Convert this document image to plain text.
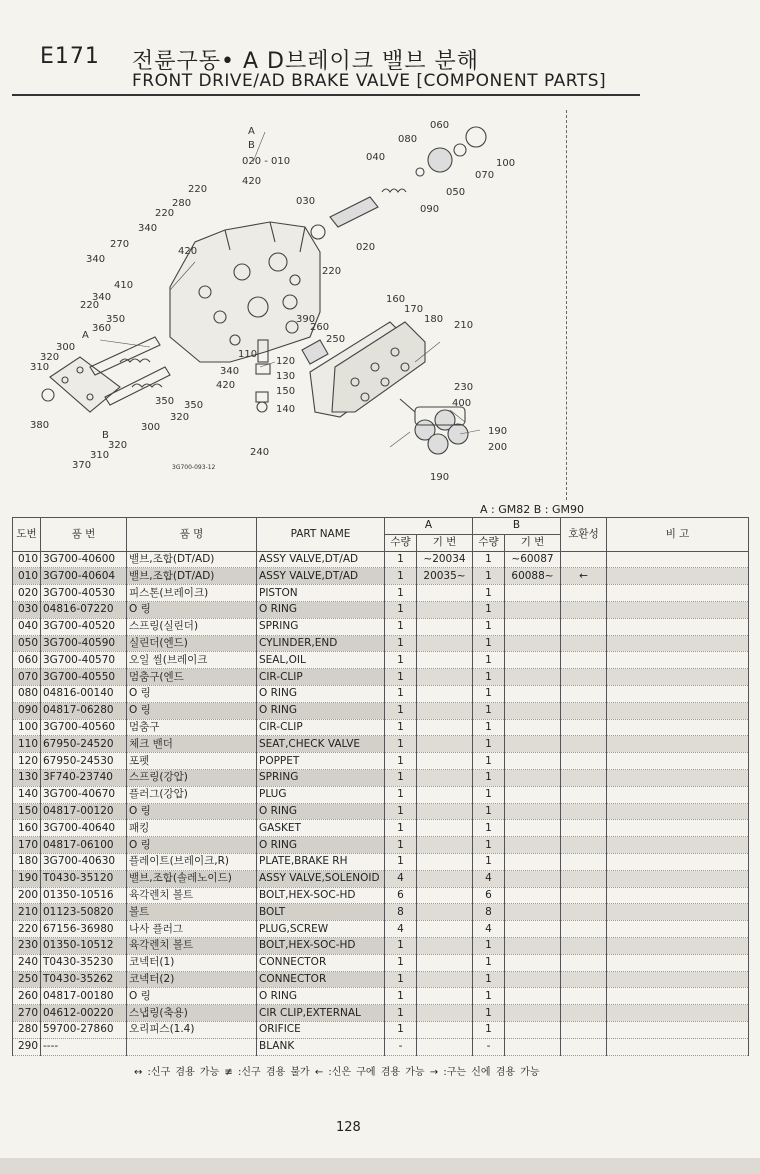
E171 전륜구동• A D브레이크 밸브 분해
FRONT DRIVE/AD BRAKE VALVE [COMPONENT PARTS]
A
B
020 - 010
420
060
080
040
100
070
050
090
030
020
220
280
220
340
420
270
340
220
410
340
220
350
360
A
300
320
310
380
370
310
320
B
300
350 350
320
340
420
110
120
130
150
140
390
260
250
160
170
180
210
230
400
190
200
240
190
3G700-093-12
A : GM82 B : GM90
도번	품 번	품 명	PART NAME	A		B		호환성	비 고
				수량	기 번	수량	기 번		
010	3G700-40600	밸브,조합(DT/AD)	ASSY VALVE,DT/AD	1	~20034	1	~60087		
010	3G700-40604	밸브,조합(DT/AD)	ASSY VALVE,DT/AD	1	20035~	1	60088~	←	
020	3G700-40530	피스톤(브레이크)	PISTON	1		1			
030	04816-07220	O 링	O RING	1		1			
040	3G700-40520	스프링(실린더)	SPRING	1		1			
050	3G700-40590	실린더(엔드)	CYLINDER,END	1		1			
060	3G700-40570	오일 씰(브레이크	SEAL,OIL	1		1			
070	3G700-40550	멈춤구(엔드	CIR-CLIP	1		1			
080	04816-00140	O 링	O RING	1		1			
090	04817-06280	O 링	O RING	1		1			
100	3G700-40560	멈춤구	CIR-CLIP	1		1			
110	67950-24520	체크 밴더	SEAT,CHECK VALVE	1		1			
120	67950-24530	포펫	POPPET	1		1			
130	3F740-23740	스프링(강압)	SPRING	1		1			
140	3G700-40670	플러그(강압)	PLUG	1		1			
150	04817-00120	O 링	O RING	1		1			
160	3G700-40640	패킹	GASKET	1		1			
170	04817-06100	O 링	O RING	1		1			
180	3G700-40630	플레이트(브레이크,R)	PLATE,BRAKE RH	1		1			
190	T0430-35120	밸브,조합(솔레노이드)	ASSY VALVE,SOLENOID	4		4			
200	01350-10516	육각렌치 볼트	BOLT,HEX-SOC-HD	6		6			
210	01123-50820	볼트	BOLT	8		8			
220	67156-36980	나사 플러그	PLUG,SCREW	4		4			
230	01350-10512	육각렌치 볼트	BOLT,HEX-SOC-HD	1		1			
240	T0430-35230	코넥터(1)	CONNECTOR	1		1			
250	T0430-35262	코넥터(2)	CONNECTOR	1		1			
260	04817-00180	O 링	O RING	1		1			
270	04612-00220	스냅링(축용)	CIR CLIP,EXTERNAL	1		1			
280	59700-27860	오리피스(1.4)	ORIFICE	1		1			
290	----		BLANK	-		-			
↔ :신구 겸용 가능 ≢ :신구 겸용 불가 ← :신은 구에 겸용 가능 → :구는 신에 겸용 가능
128
